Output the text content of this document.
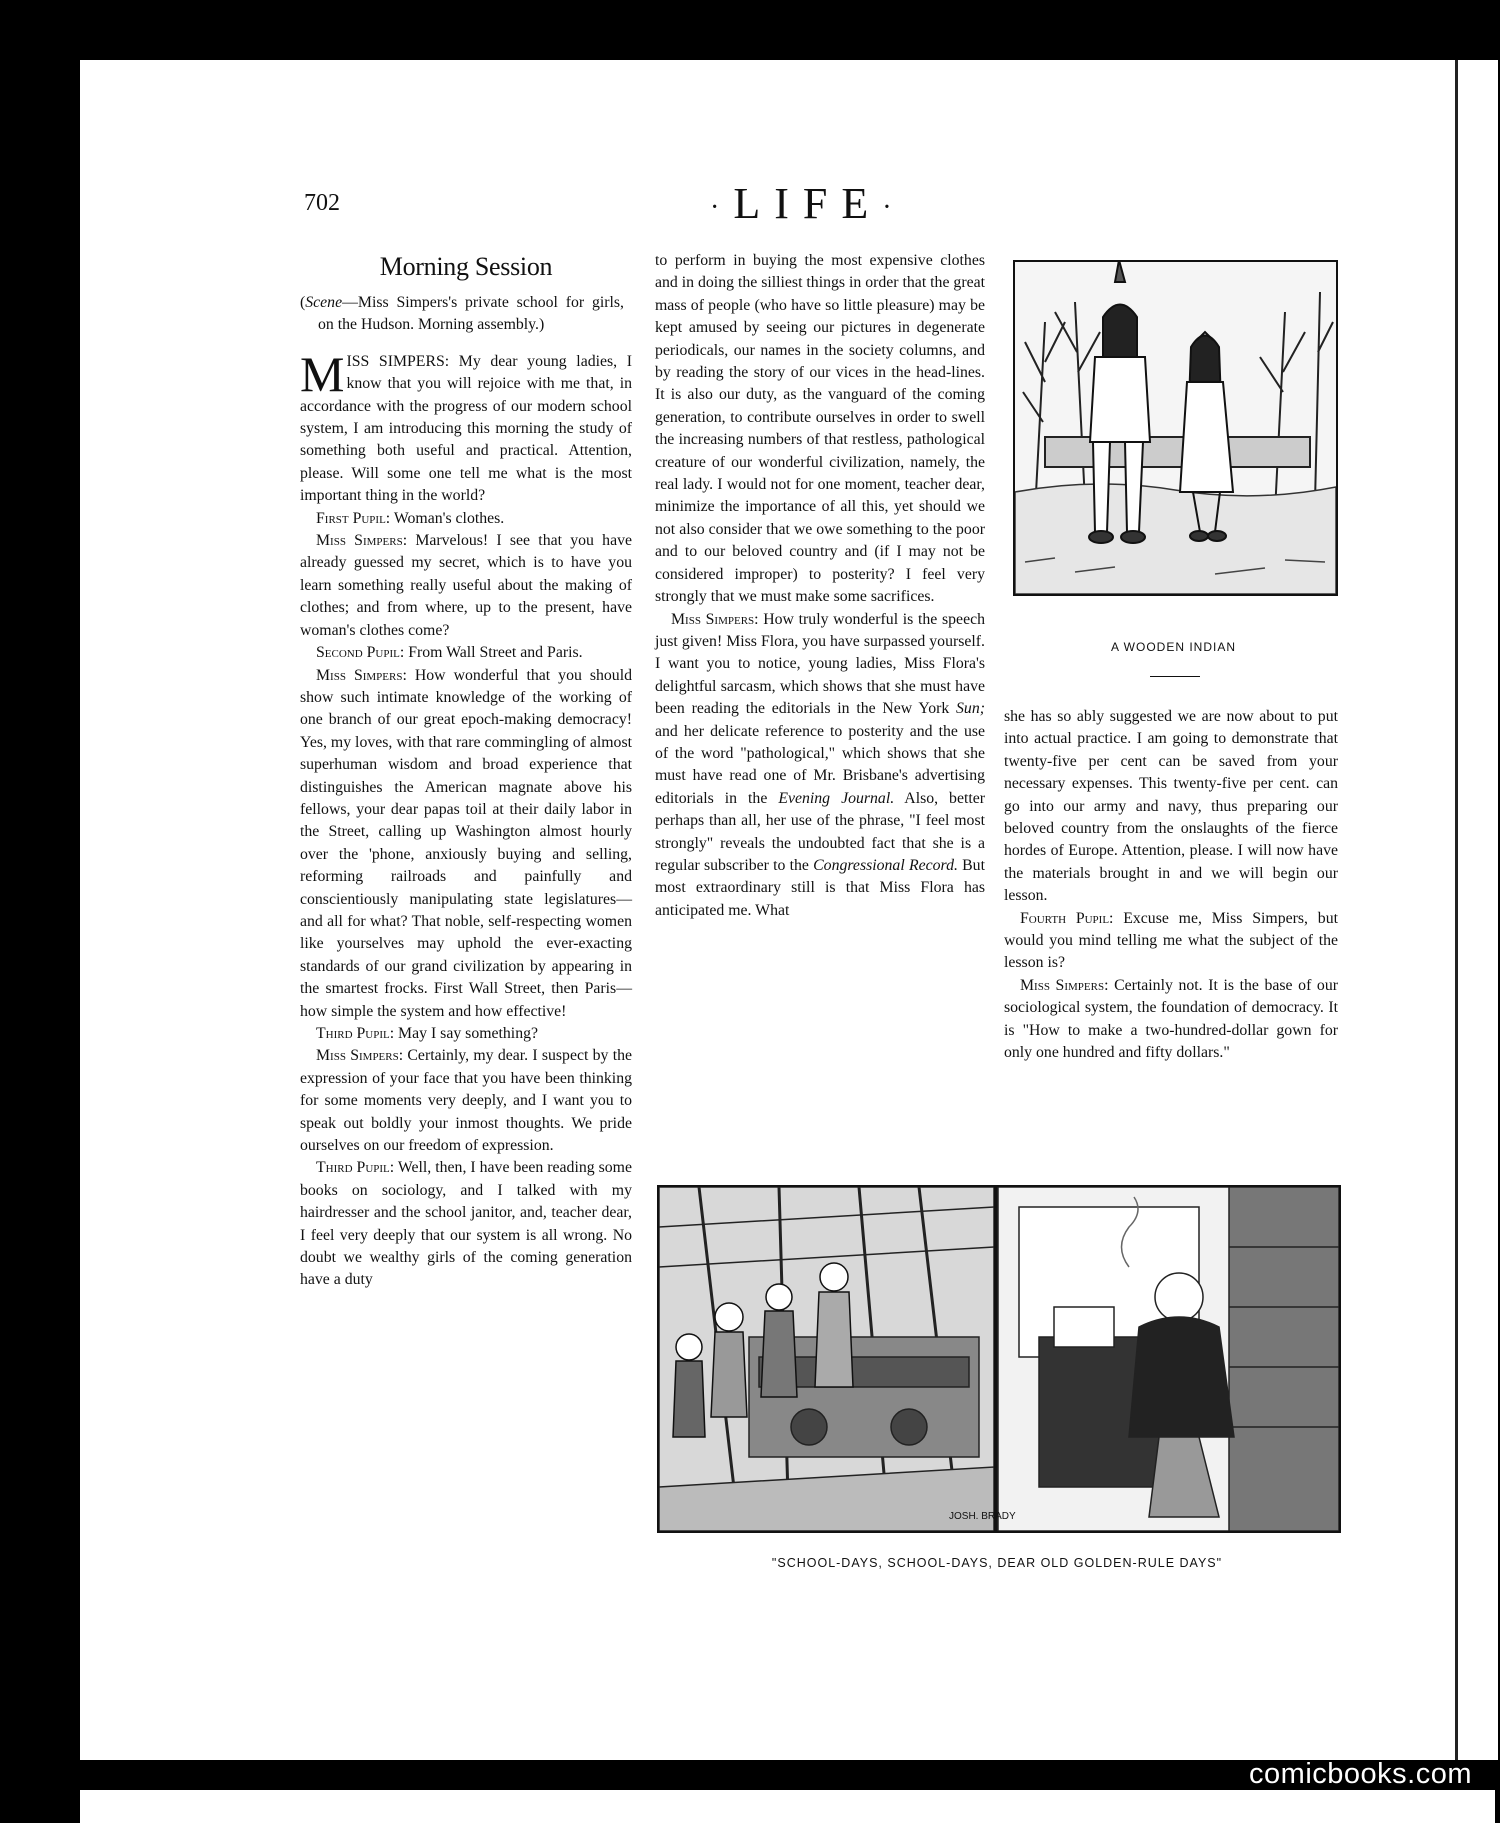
comicbooks.com
702	·LIFE·
Morning Session

(Scene—Miss Simpers's private school for girls, on the Hudson. Morning assembly.)

MISS SIMPERS: My dear young ladies, I know that you will rejoice with me that, in accordance with the progress of our modern school system, I am introducing this morning the study of something both useful and practical. Attention, please. Will some one tell me what is the most important thing in the world?

First Pupil: Woman's clothes.

Miss Simpers: Marvelous! I see that you have already guessed my secret, which is to have you learn something really useful about the making of clothes; and from where, up to the present, have woman's clothes come?

Second Pupil: From Wall Street and Paris.

Miss Simpers: How wonderful that you should show such intimate knowledge of the working of one branch of our great epoch-making democracy! Yes, my loves, with that rare commingling of almost superhuman wisdom and broad experience that distinguishes the American magnate above his fellows, your dear papas toil at their daily labor in the Street, calling up Washington almost hourly over the 'phone, anxiously buying and selling, reforming railroads and painfully and conscientiously manipulating state legislatures—and all for what? That noble, self-respecting women like yourselves may uphold the ever-exacting standards of our grand civilization by appearing in the smartest frocks. First Wall Street, then Paris—how simple the system and how effective!

Third Pupil: May I say something?

Miss Simpers: Certainly, my dear. I suspect by the expression of your face that you have been thinking for some moments very deeply, and I want you to speak out boldly your inmost thoughts. We pride ourselves on our freedom of expression.

Third Pupil: Well, then, I have been reading some books on sociology, and I talked with my hairdresser and the school janitor, and, teacher dear, I feel very deeply that our system is all wrong. No doubt we wealthy girls of the coming generation have a duty

to perform in buying the most expensive clothes and in doing the silliest things in order that the great mass of people (who have so little pleasure) may be kept amused by seeing our pictures in degenerate periodicals, our names in the society columns, and by reading the story of our vices in the head-lines. It is also our duty, as the vanguard of the coming generation, to contribute ourselves in order to swell the increasing numbers of that restless, pathological creature of our wonderful civilization, namely, the real lady. I would not for one moment, teacher dear, minimize the importance of all this, yet should we not also consider that we owe something to the poor and to our beloved country and (if I may not be considered improper) to posterity? I feel very strongly that we must make some sacrifices.

Miss Simpers: How truly wonderful is the speech just given! Miss Flora, you have surpassed yourself. I want you to notice, young ladies, Miss Flora's delightful sarcasm, which shows that she must have been reading the editorials in the New York Sun; and her delicate reference to posterity and the use of the word "pathological," which shows that she must have read one of Mr. Brisbane's advertising editorials in the Evening Journal. Also, better perhaps than all, her use of the phrase, "I feel most strongly" reveals the undoubted fact that she is a regular subscriber to the Congressional Record. But most extraordinary still is that Miss Flora has anticipated me. What

A WOODEN INDIAN

she has so ably suggested we are now about to put into actual practice. I am going to demonstrate that twenty-five per cent can be saved from your necessary expenses. This twenty-five per cent. can go into our army and navy, thus preparing our beloved country from the onslaughts of the fierce hordes of Europe. Attention, please. I will now have the materials brought in and we will begin our lesson.

Fourth Pupil: Excuse me, Miss Simpers, but would you mind telling me what the subject of the lesson is?

Miss Simpers: Certainly not. It is the base of our sociological system, the foundation of democracy. It is "How to make a two-hundred-dollar gown for only one hundred and fifty dollars."

JOSH. BRADY
"SCHOOL-DAYS, SCHOOL-DAYS, DEAR OLD GOLDEN-RULE DAYS"
